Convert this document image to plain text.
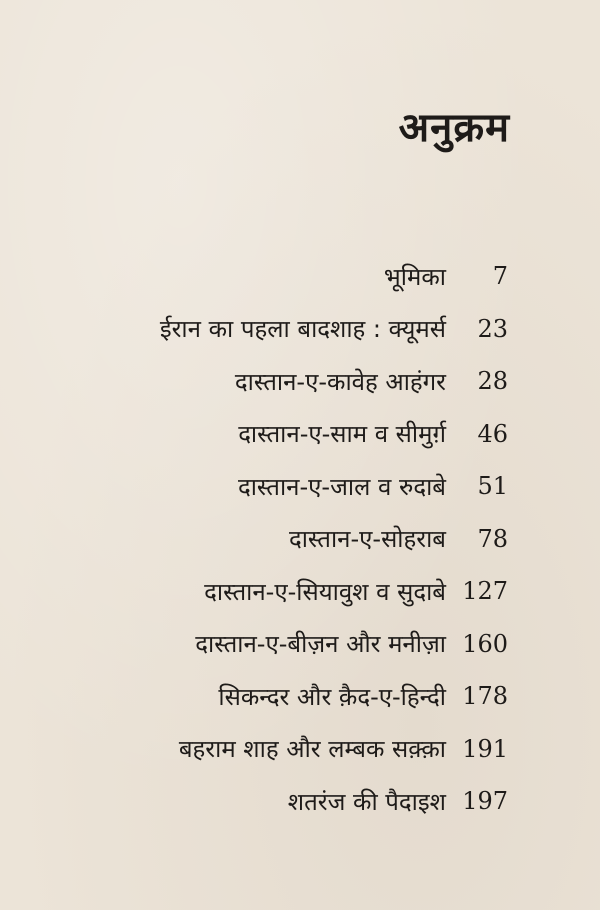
अनुक्रम
भूमिका	7
ईरान का पहला बादशाह : क्यूमर्स	23
दास्तान-ए-कावेह आहंगर	28
दास्तान-ए-साम व सीमुर्ग़	46
दास्तान-ए-जाल व रुदाबे	51
दास्तान-ए-सोहराब	78
दास्तान-ए-सियावुश व सुदाबे 127
दास्तान-ए-बीज़न और मनीज़ा 160
सिकन्दर और क़ैद-ए-हिन्दी 178
बहराम शाह और लम्बक सक़्क़ा 191
शतरंज की पैदाइश 197
